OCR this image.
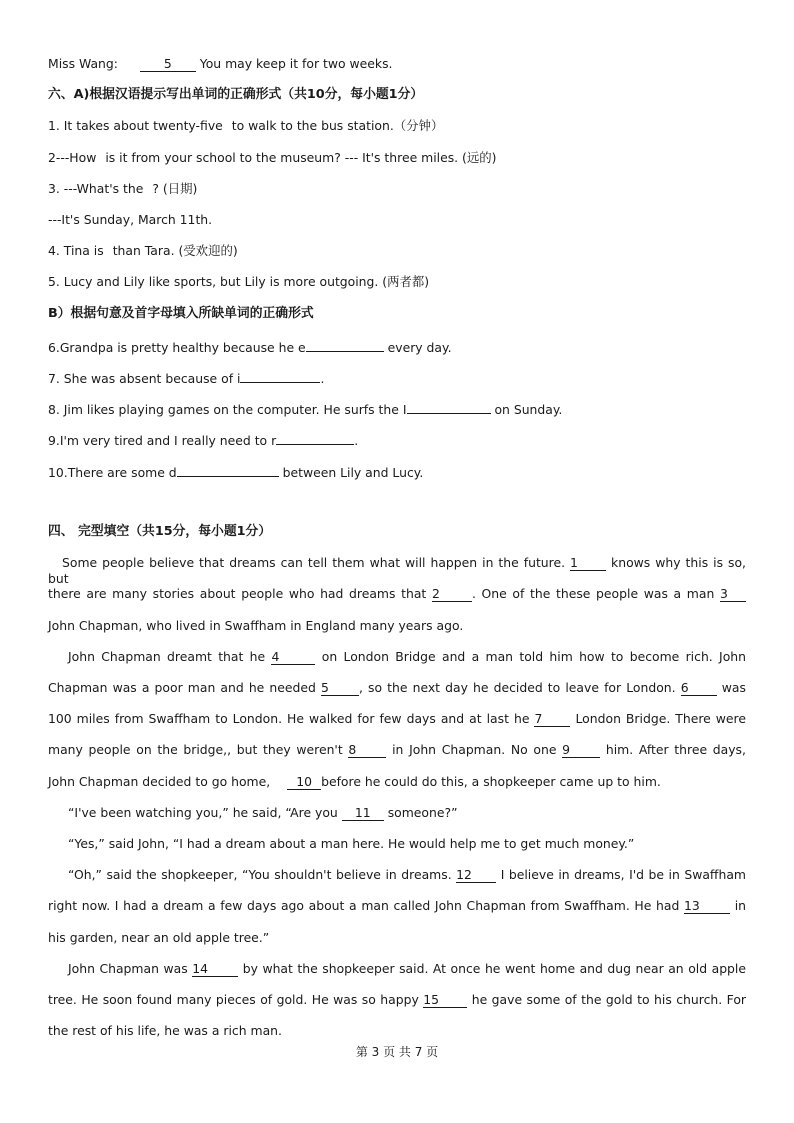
Miss Wang:	5 You may keep it for two weeks.
六、A)根据汉语提示写出单词的正确形式（共10分，每小题1分）
1. It takes about twenty-five to walk to the bus station.（分钟）
2---How is it from your school to the museum? --- It's three miles. (远的)
3. ---What's the ? (日期)
---It's Sunday, March 11th.
4. Tina is than Tara. (受欢迎的)
5. Lucy and Lily like sports, but Lily is more outgoing. (两者都)
B）根据句意及首字母填入所缺单词的正确形式
6.Grandpa is pretty healthy because he e	every day.
7. She was absent because of i	.
8. Jim likes playing games on the computer. He surfs the I	on Sunday.
9.I'm very tired and I really need to r	.
10.There are some d	between Lily and Lucy.
四、 完型填空（共15分，每小题1分）
Some people believe that dreams can tell them what will happen in the future. 1	knows why this is so, but
there are many stories about people who had dreams that 2	. One of the these people was a man 3
John Chapman, who lived in Swaffham in England many years ago.
John Chapman dreamt that he 4	on London Bridge and a man told him how to become rich. John
Chapman was a poor man and he needed 5 , so the next day he decided to leave for London. 6	was
100 miles from Swaffham to London. He walked for few days and at last he 7	London Bridge. There were
many people on the bridge,, but they weren't 8	in John Chapman. No one 9	him. After three days,
John Chapman decided to go home, 10 before he could do this, a shopkeeper came up to him.
“I've been watching you,” he said, “Are you 11 someone?”
“Yes,” said John, “I had a dream about a man here. He would help me to get much money.”
“Oh,” said the shopkeeper, “You shouldn't believe in dreams. 12 I believe in dreams, I'd be in Swaffham
right now. I had a dream a few days ago about a man called John Chapman from Swaffham. He had 13	in
his garden, near an old apple tree.”
John Chapman was 14	by what the shopkeeper said. At once he went home and dug near an old apple
tree. He soon found many pieces of gold. He was so happy 15	he gave some of the gold to his church. For
the rest of his life, he was a rich man.
第 3 页 共 7 页
